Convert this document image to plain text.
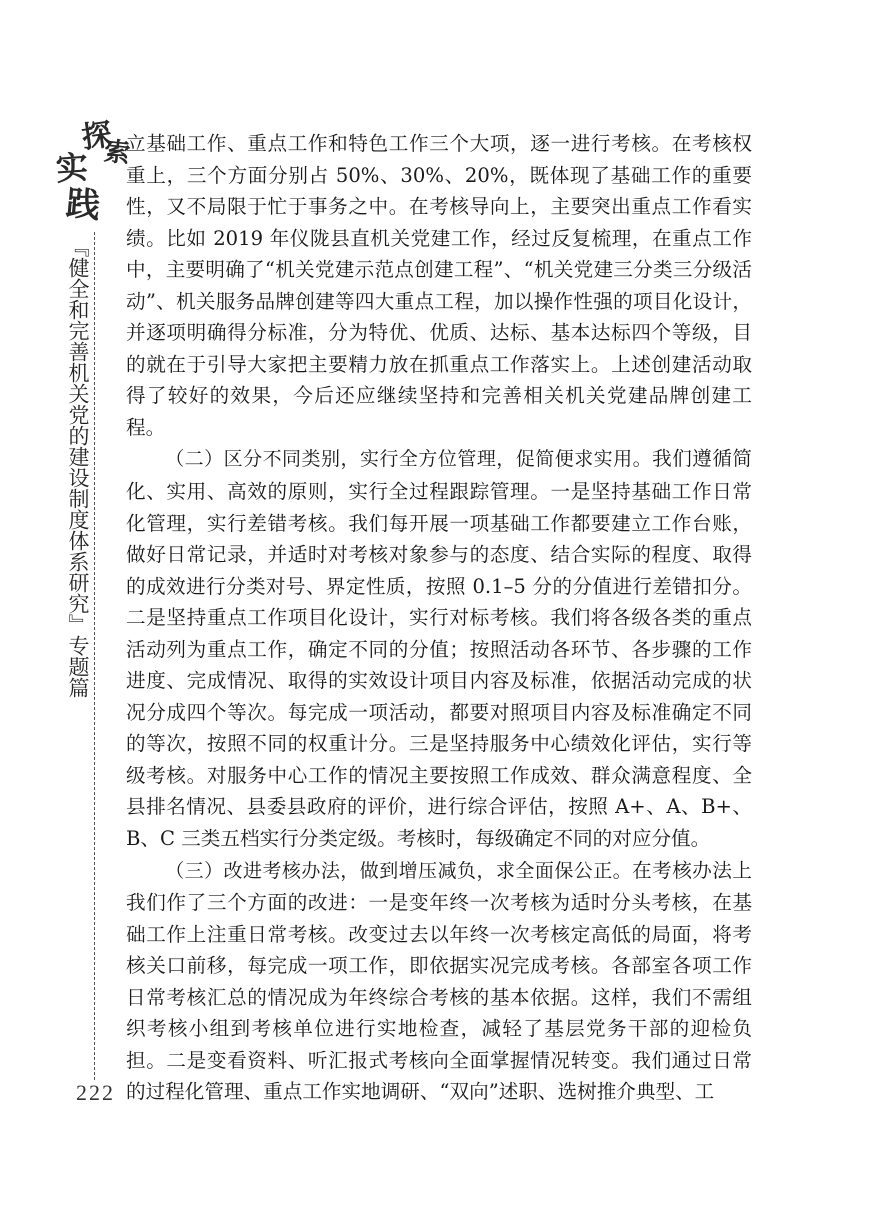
探
索
实
践
『健全和完善机关党的建设制度体系研究』专题篇
222

立基础工作、重点工作和特色工作三个大项，逐一进行考核。在考核权重上，三个方面分别占 50%、30%、20%，既体现了基础工作的重要性，又不局限于忙于事务之中。在考核导向上，主要突出重点工作看实绩。比如 2019 年仪陇县直机关党建工作，经过反复梳理，在重点工作中，主要明确了“机关党建示范点创建工程”、“机关党建三分类三分级活动”、机关服务品牌创建等四大重点工程，加以操作性强的项目化设计，并逐项明确得分标准，分为特优、优质、达标、基本达标四个等级，目的就在于引导大家把主要精力放在抓重点工作落实上。上述创建活动取得了较好的效果，今后还应继续坚持和完善相关机关党建品牌创建工程。

（二）区分不同类别，实行全方位管理，促简便求实用。我们遵循简化、实用、高效的原则，实行全过程跟踪管理。一是坚持基础工作日常化管理，实行差错考核。我们每开展一项基础工作都要建立工作台账，做好日常记录，并适时对考核对象参与的态度、结合实际的程度、取得的成效进行分类对号、界定性质，按照 0.1–5 分的分值进行差错扣分。二是坚持重点工作项目化设计，实行对标考核。我们将各级各类的重点活动列为重点工作，确定不同的分值；按照活动各环节、各步骤的工作进度、完成情况、取得的实效设计项目内容及标准，依据活动完成的状况分成四个等次。每完成一项活动，都要对照项目内容及标准确定不同的等次，按照不同的权重计分。三是坚持服务中心绩效化评估，实行等级考核。对服务中心工作的情况主要按照工作成效、群众满意程度、全县排名情况、县委县政府的评价，进行综合评估，按照 A+、A、B+、B、C 三类五档实行分类定级。考核时，每级确定不同的对应分值。

（三）改进考核办法，做到增压减负，求全面保公正。在考核办法上我们作了三个方面的改进：一是变年终一次考核为适时分头考核，在基础工作上注重日常考核。改变过去以年终一次考核定高低的局面，将考核关口前移，每完成一项工作，即依据实况完成考核。各部室各项工作日常考核汇总的情况成为年终综合考核的基本依据。这样，我们不需组织考核小组到考核单位进行实地检查，减轻了基层党务干部的迎检负担。二是变看资料、听汇报式考核向全面掌握情况转变。我们通过日常的过程化管理、重点工作实地调研、“双向”述职、选树推介典型、工
